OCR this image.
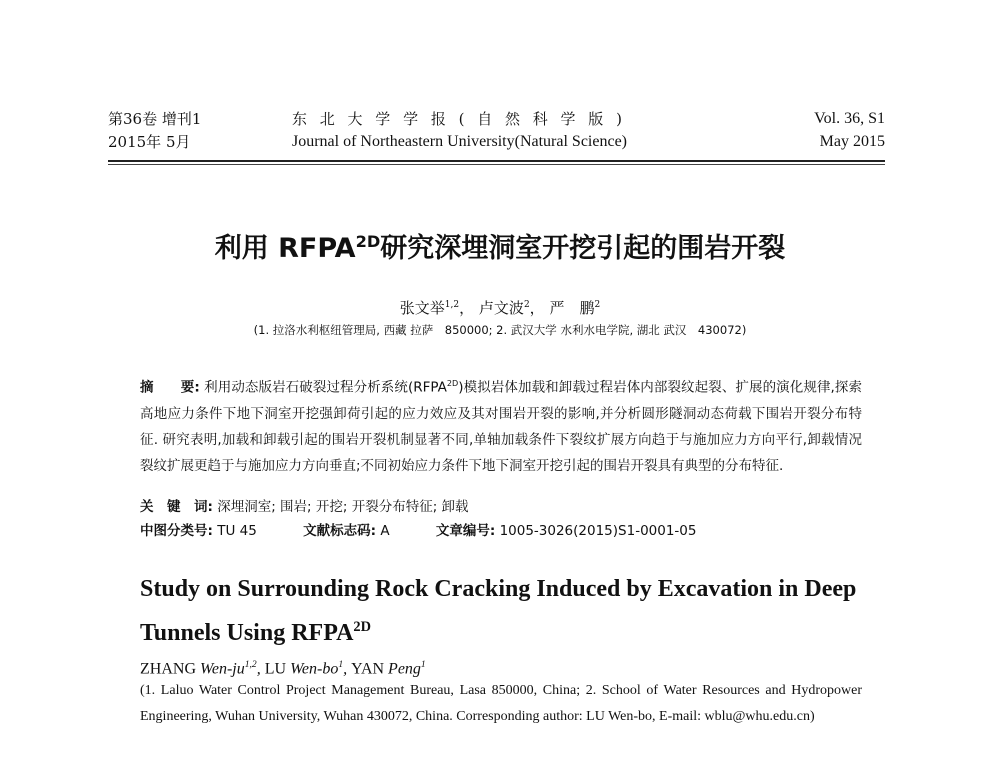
第36卷 增刊1
2015年 5月
东 北 大 学 学 报 ( 自 然 科 学 版 )
Journal of Northeastern University(Natural Science)
Vol. 36, S1
May 2015
利用 $RFPA^{2D}$研究深埋洞室开挖引起的围岩开裂
张文举$^{1,2}$， 卢文波$^2$， 严　鹏$^2$
(1. 拉洛水利枢纽管理局, 西藏 拉萨　850000; 2. 武汉大学 水利水电学院, 湖北 武汉　430072)
摘　　要: 利用动态版岩石破裂过程分析系统$(RFPA^{2D})$模拟岩体加载和卸载过程岩体内部裂纹起裂、扩展的演化规律,探索高地应力条件下地下洞室开挖强卸荷引起的应力效应及其对围岩开裂的影响,并分析圆形隧洞动态荷载下围岩开裂分布特征. 研究表明,加载和卸载引起的围岩开裂机制显著不同,单轴加载条件下裂纹扩展方向趋于与施加应力方向平行,卸载情况裂纹扩展更趋于与施加应力方向垂直;不同初始应力条件下地下洞室开挖引起的围岩开裂具有典型的分布特征.
关　键　词: 深埋洞室; 围岩; 开挖; 开裂分布特征; 卸载
中图分类号: TU 45	文献标志码: A	文章编号: 1005-3026(2015)S1-0001-05
Study on Surrounding Rock Cracking Induced by Excavation in Deep Tunnels Using $RFPA^{2D}$
ZHANG Wen-ju$^{1,2}$, LU Wen-$bo^1$, YAN Peng$^1$
(1. Laluo Water Control Project Management Bureau, Lasa 850000, China; 2. School of Water Resources and Hydropower Engineering, Wuhan University, Wuhan 430072, China. Corresponding author: LU Wen-bo, E-mail: wblu@whu.edu.cn)
